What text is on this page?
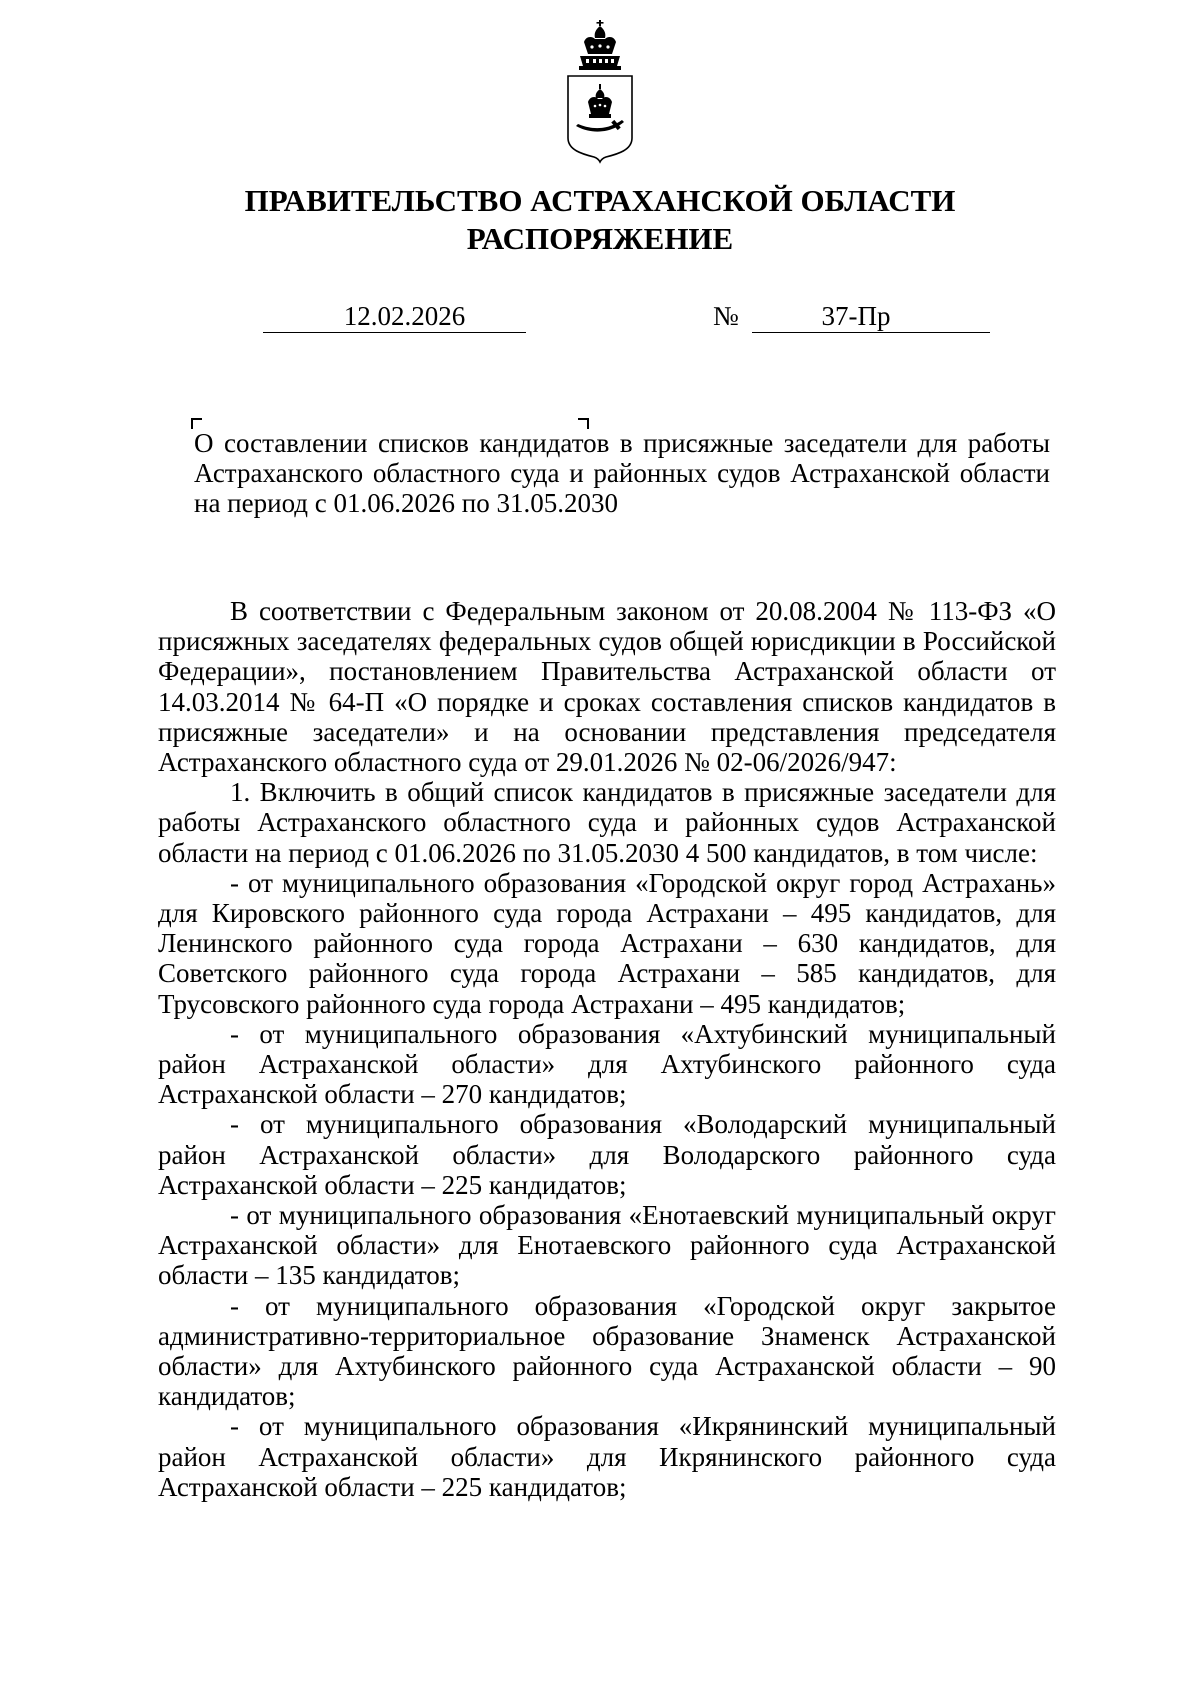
ПРАВИТЕЛЬСТВО АСТРАХАНСКОЙ ОБЛАСТИ
РАСПОРЯЖЕНИЕ
12.02.2026	№	37-Пр
О составлении списков кандидатов в присяжные заседатели для работы Астраханского областного суда и районных судов Астраханской области на период с 01.06.2026 по 31.05.2030

В соответствии с Федеральным законом от 20.08.2004 № 113-ФЗ «О присяжных заседателях федеральных судов общей юрисдикции в Российской Федерации», постановлением Правительства Астраханской области от 14.03.2014 № 64-П «О порядке и сроках составления списков кандидатов в присяжные заседатели» и на основании представления председателя Астраханского областного суда от 29.01.2026 № 02-06/2026/947:

1. Включить в общий список кандидатов в присяжные заседатели для работы Астраханского областного суда и районных судов Астраханской области на период с 01.06.2026 по 31.05.2030 4 500 кандидатов, в том числе:

- от муниципального образования «Городской округ город Астрахань» для Кировского районного суда города Астрахани – 495 кандидатов, для Ленинского районного суда города Астрахани – 630 кандидатов, для Советского районного суда города Астрахани – 585 кандидатов, для Трусовского районного суда города Астрахани – 495 кандидатов;

- от муниципального образования «Ахтубинский муниципальный район Астраханской области» для Ахтубинского районного суда Астраханской области – 270 кандидатов;

- от муниципального образования «Володарский муниципальный район Астраханской области» для Володарского районного суда Астраханской области – 225 кандидатов;

- от муниципального образования «Енотаевский муниципальный округ Астраханской области» для Енотаевского районного суда Астраханской области – 135 кандидатов;

- от муниципального образования «Городской округ закрытое административно-территориальное образование Знаменск Астраханской области» для Ахтубинского районного суда Астраханской области – 90 кандидатов;

- от муниципального образования «Икрянинский муниципальный район Астраханской области» для Икрянинского районного суда Астраханской области – 225 кандидатов;
